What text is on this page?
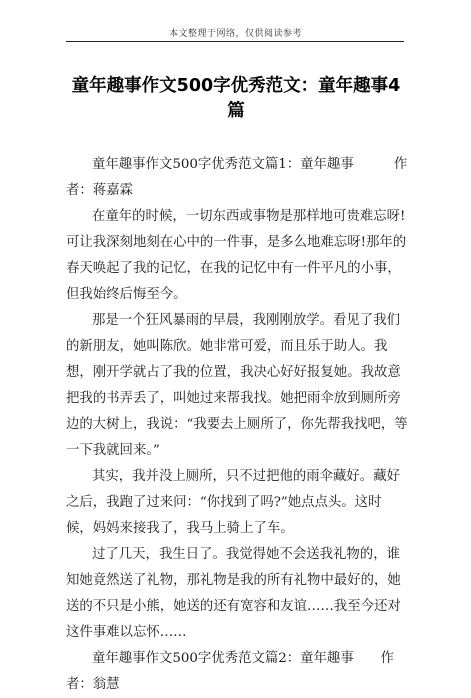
本文整理于网络，仅供阅读参考
童年趣事作文500字优秀范文：童年趣事4篇

童年趣事作文500字优秀范文篇1：童年趣事　　　作者：蒋嘉霖

在童年的时候，一切东西或事物是那样地可贵难忘呀!可让我深刻地刻在心中的一件事，是多么地难忘呀!那年的春天唤起了我的记忆，在我的记忆中有一件平凡的小事，但我始终后悔至今。

那是一个狂风暴雨的早晨，我刚刚放学。看见了我们的新朋友，她叫陈欣。她非常可爱，而且乐于助人。我想，刚开学就占了我的位置，我决心好好报复她。我故意把我的书弄丢了，叫她过来帮我找。她把雨伞放到厕所旁边的大树上，我说：“我要去上厕所了，你先帮我找吧，等一下我就回来。”

其实，我并没上厕所，只不过把他的雨伞藏好。藏好之后，我跑了过来问：“你找到了吗?”她点点头。这时候，妈妈来接我了，我马上骑上了车。

过了几天，我生日了。我觉得她不会送我礼物的，谁知她竟然送了礼物，那礼物是我的所有礼物中最好的，她送的不只是小熊，她送的还有宽容和友谊……我至今还对这件事难以忘怀……

童年趣事作文500字优秀范文篇2：童年趣事　　作者：翁慧
